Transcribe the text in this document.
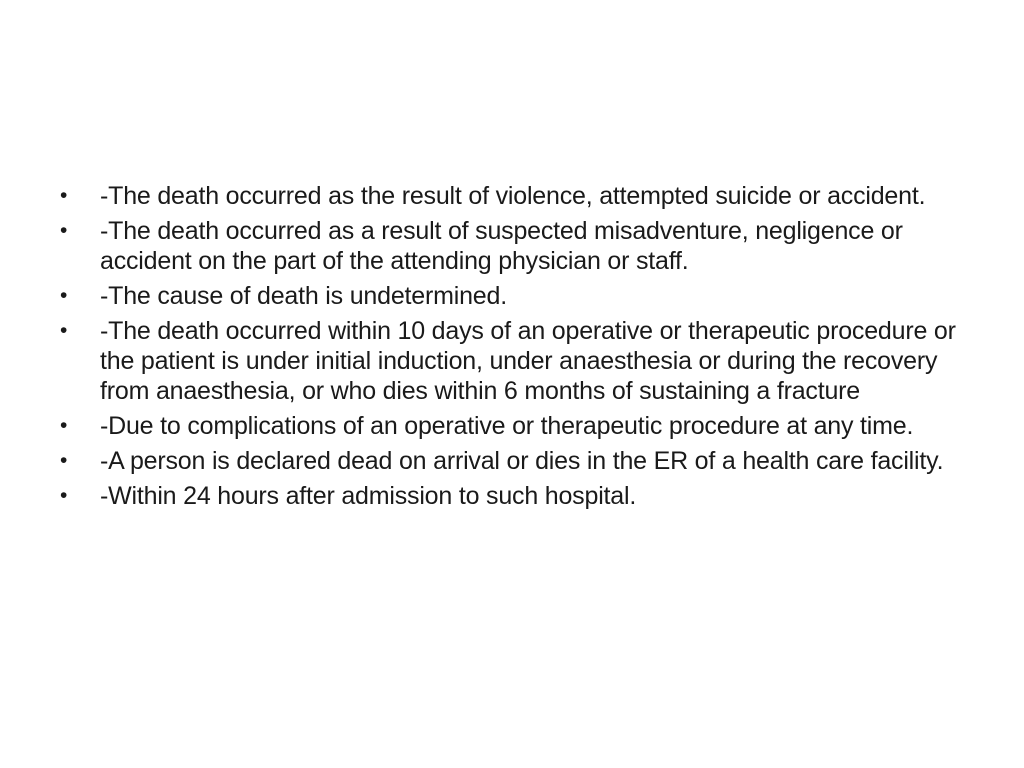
• -The death occurred as the result of violence, attempted suicide or accident.
• -The death occurred as a result of suspected misadventure, negligence or accident on the part of the attending physician or staff.
• -The cause of death is undetermined.
• -The death occurred within 10 days of an operative or therapeutic procedure or the patient is under initial induction, under anaesthesia or during the recovery from anaesthesia, or who dies within 6 months of sustaining a fracture
• -Due to complications of an operative or therapeutic procedure at any time.
• -A person is declared dead on arrival or dies in the ER of a health care facility.
• -Within 24 hours after admission to such hospital.
